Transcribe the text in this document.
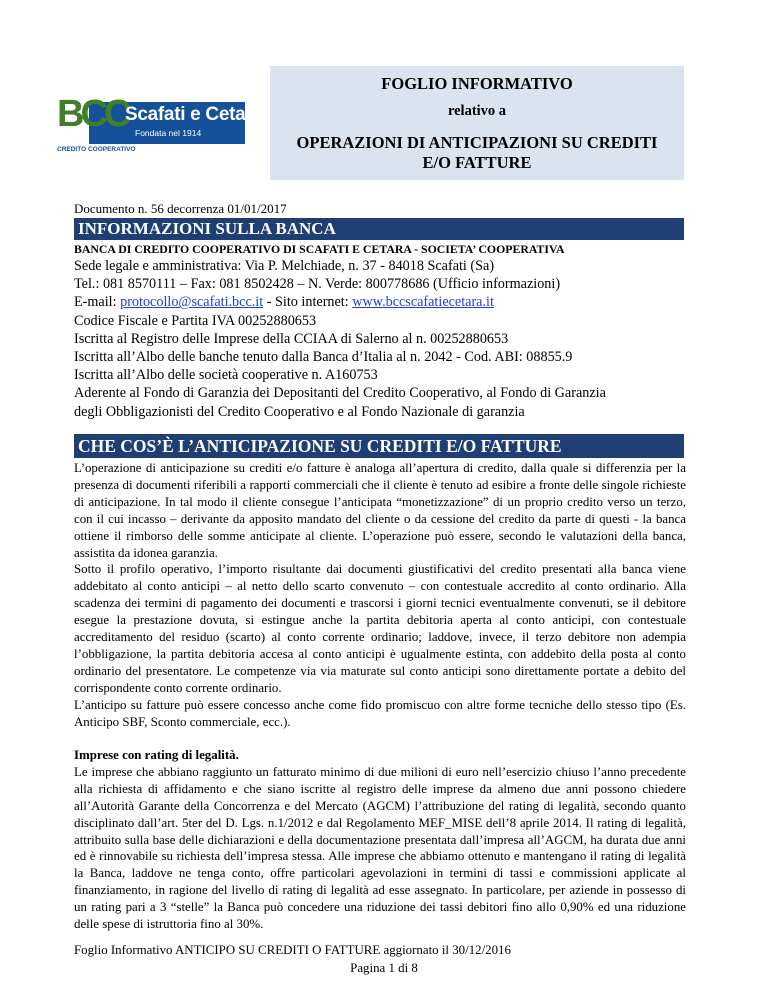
BCC
Scafati e Cetara
Fondata nel 1914
CREDITO COOPERATIVO
FOGLIO INFORMATIVO
relativo a
OPERAZIONI DI ANTICIPAZIONI SU CREDITI
E/O FATTURE
Documento n. 56 decorrenza 01/01/2017
INFORMAZIONI SULLA BANCA
BANCA DI CREDITO COOPERATIVO DI SCAFATI E CETARA - SOCIETA’ COOPERATIVA
Sede legale e amministrativa: Via P. Melchiade, n. 37 - 84018 Scafati (Sa)
Tel.: 081 8570111 – Fax: 081 8502428 – N. Verde: 800778686 (Ufficio informazioni)
E-mail: protocollo@scafati.bcc.it - Sito internet: www.bccscafatiecetara.it
Codice Fiscale e Partita IVA 00252880653
Iscritta al Registro delle Imprese della CCIAA di Salerno al n. 00252880653
Iscritta all’Albo delle banche tenuto dalla Banca d’Italia al n. 2042 - Cod. ABI: 08855.9
Iscritta all’Albo delle società cooperative n. A160753
Aderente al Fondo di Garanzia dei Depositanti del Credito Cooperativo, al Fondo di Garanzia
degli Obbligazionisti del Credito Cooperativo e al Fondo Nazionale di garanzia
CHE COS’È L’ANTICIPAZIONE SU CREDITI E/O FATTURE

L’operazione di anticipazione su crediti e/o fatture è analoga all’apertura di credito, dalla quale si differenzia per la presenza di documenti riferibili a rapporti commerciali che il cliente è tenuto ad esibire a fronte delle singole richieste di anticipazione. In tal modo il cliente consegue l’anticipata “monetizzazione” di un proprio credito verso un terzo, con il cui incasso – derivante da apposito mandato del cliente o da cessione del credito da parte di questi - la banca ottiene il rimborso delle somme anticipate al cliente. L’operazione può essere, secondo le valutazioni della banca, assistita da idonea garanzia.

Sotto il profilo operativo, l’importo risultante dai documenti giustificativi del credito presentati alla banca viene addebitato al conto anticipi – al netto dello scarto convenuto – con contestuale accredito al conto ordinario. Alla scadenza dei termini di pagamento dei documenti e trascorsi i giorni tecnici eventualmente convenuti, se il debitore esegue la prestazione dovuta, si estingue anche la partita debitoria aperta al conto anticipi, con contestuale accreditamento del residuo (scarto) al conto corrente ordinario; laddove, invece, il terzo debitore non adempia l’obbligazione, la partita debitoria accesa al conto anticipi è ugualmente estinta, con addebito della posta al conto ordinario del presentatore. Le competenze via via maturate sul conto anticipi sono direttamente portate a debito del corrispondente conto corrente ordinario.

L’anticipo su fatture può essere concesso anche come fido promiscuo con altre forme tecniche dello stesso tipo (Es. Anticipo SBF, Sconto commerciale, ecc.).

Imprese con rating di legalità.

Le imprese che abbiano raggiunto un fatturato minimo di due milioni di euro nell’esercizio chiuso l’anno precedente alla richiesta di affidamento e che siano iscritte al registro delle imprese da almeno due anni possono chiedere all’Autorità Garante della Concorrenza e del Mercato (AGCM) l’attribuzione del rating di legalità, secondo quanto disciplinato dall’art. 5ter del D. Lgs. n.1/2012 e dal Regolamento MEF_MISE dell’8 aprile 2014. Il rating di legalità, attribuito sulla base delle dichiarazioni e della documentazione presentata dall’impresa all’AGCM, ha durata due anni ed è rinnovabile su richiesta dell’impresa stessa. Alle imprese che abbiamo ottenuto e mantengano il rating di legalità la Banca, laddove ne tenga conto, offre particolari agevolazioni in termini di tassi e commissioni applicate al finanziamento, in ragione del livello di rating di legalità ad esse assegnato. In particolare, per aziende in possesso di un rating pari a 3 “stelle” la Banca può concedere una riduzione dei tassi debitori fino allo 0,90% ed una riduzione delle spese di istruttoria fino al 30%.

Foglio Informativo ANTICIPO SU CREDITI O FATTURE aggiornato il 30/12/2016
Pagina 1 di 8
